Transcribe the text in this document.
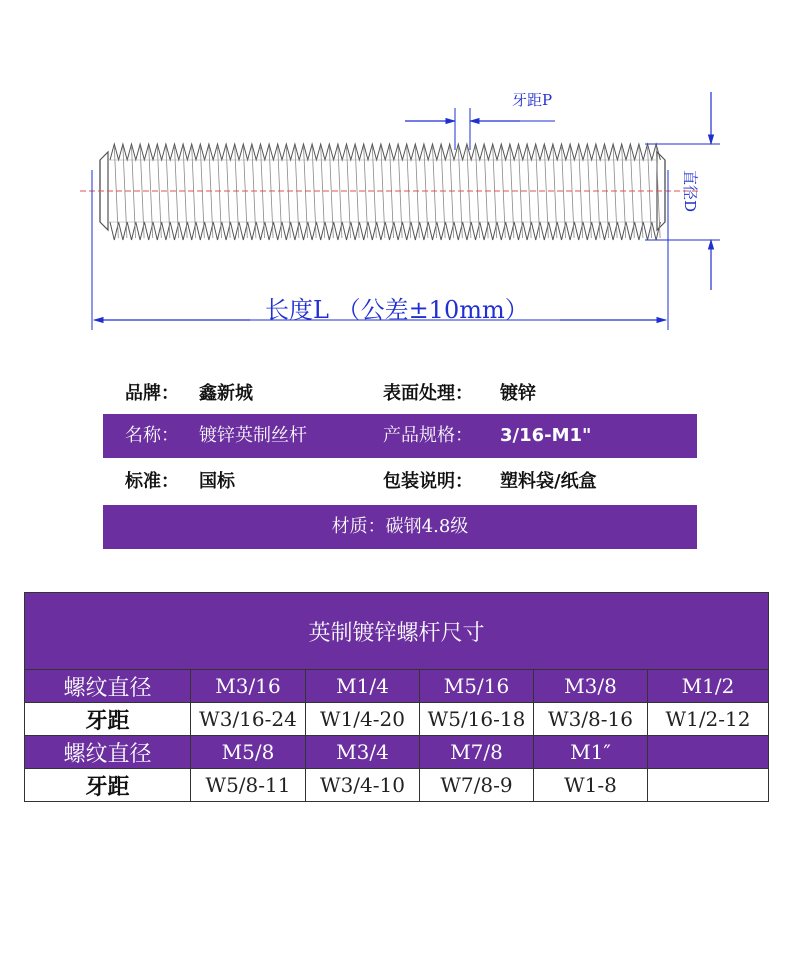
牙距P
直径D
长度L （公差±10mm）
品牌： 鑫新城	表面处理： 镀锌
名称： 镀锌英制丝杆	产品规格： 3/16-M1"
标准： 国标	包装说明： 塑料袋/纸盒
材质：碳钢4.8级
英制镀锌螺杆尺寸					
螺纹直径	M3/16	M1/4	M5/16	M3/8	M1/2
牙距	W3/16-24	W1/4-20	W5/16-18	W3/8-16	W1/2-12
螺纹直径	M5/8	M3/4	M7/8	M1″	
牙距	W5/8-11	W3/4-10	W7/8-9	W1-8	
